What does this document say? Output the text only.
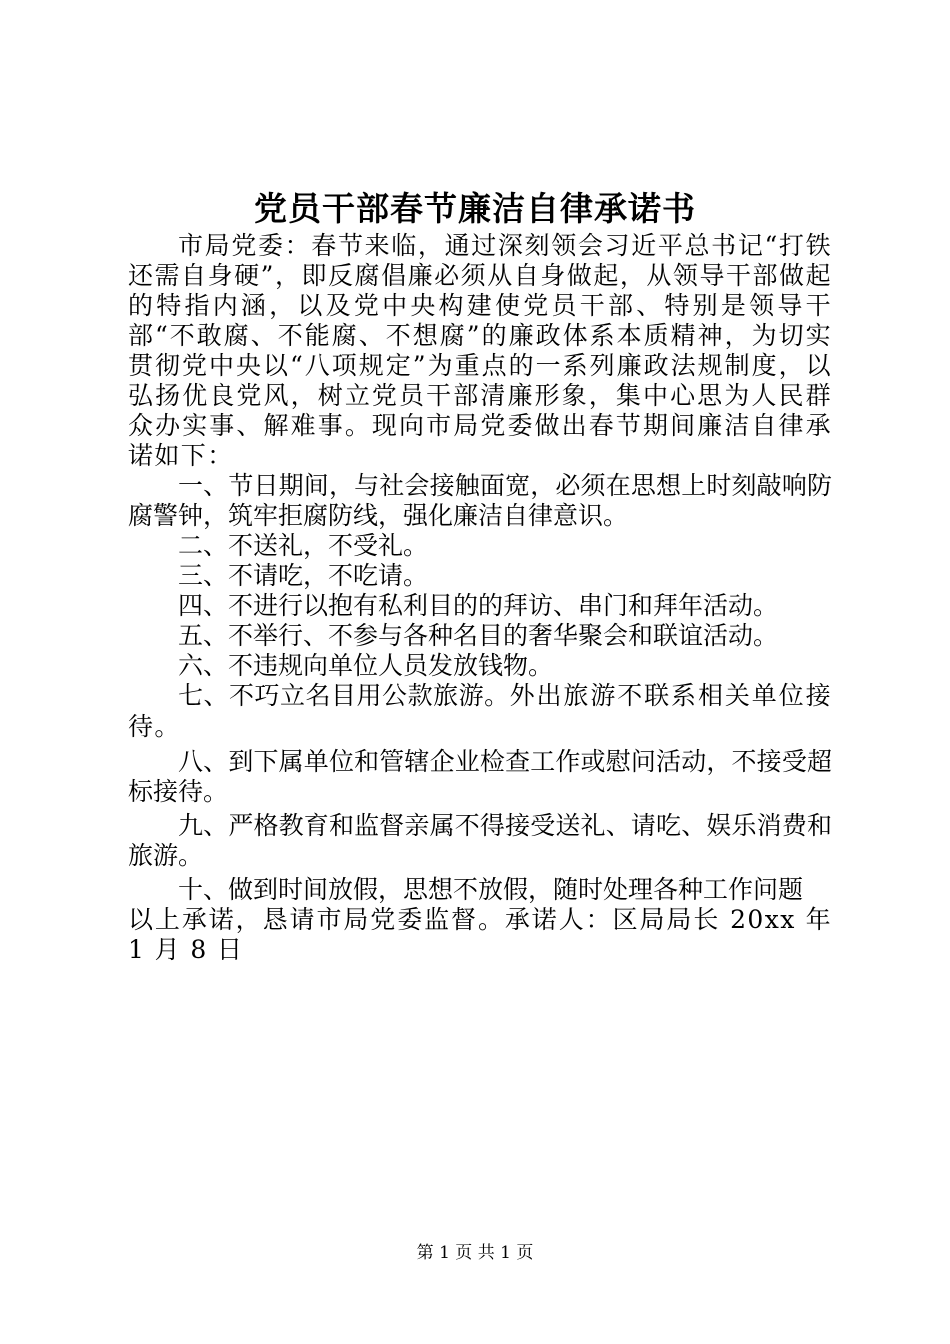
党员干部春节廉洁自律承诺书

市局党委：春节来临，通过深刻领会习近平总书记“打铁还需自身硬”，即反腐倡廉必须从自身做起，从领导干部做起的特指内涵，以及党中央构建使党员干部、特别是领导干部“不敢腐、不能腐、不想腐”的廉政体系本质精神，为切实贯彻党中央以“八项规定”为重点的一系列廉政法规制度，以弘扬优良党风，树立党员干部清廉形象，集中心思为人民群众办实事、解难事。现向市局党委做出春节期间廉洁自律承诺如下：

一、节日期间，与社会接触面宽，必须在思想上时刻敲响防腐警钟，筑牢拒腐防线，强化廉洁自律意识。

二、不送礼，不受礼。

三、不请吃，不吃请。

四、不进行以抱有私利目的的拜访、串门和拜年活动。

五、不举行、不参与各种名目的奢华聚会和联谊活动。

六、不违规向单位人员发放钱物。

七、不巧立名目用公款旅游。外出旅游不联系相关单位接待。

八、到下属单位和管辖企业检查工作或慰问活动，不接受超标接待。

九、严格教育和监督亲属不得接受送礼、请吃、娱乐消费和旅游。

十、做到时间放假，思想不放假，随时处理各种工作问题

以上承诺，恳请市局党委监督。承诺人：区局局长 20xx 年 1 月 8 日

第 1 页 共 1 页
